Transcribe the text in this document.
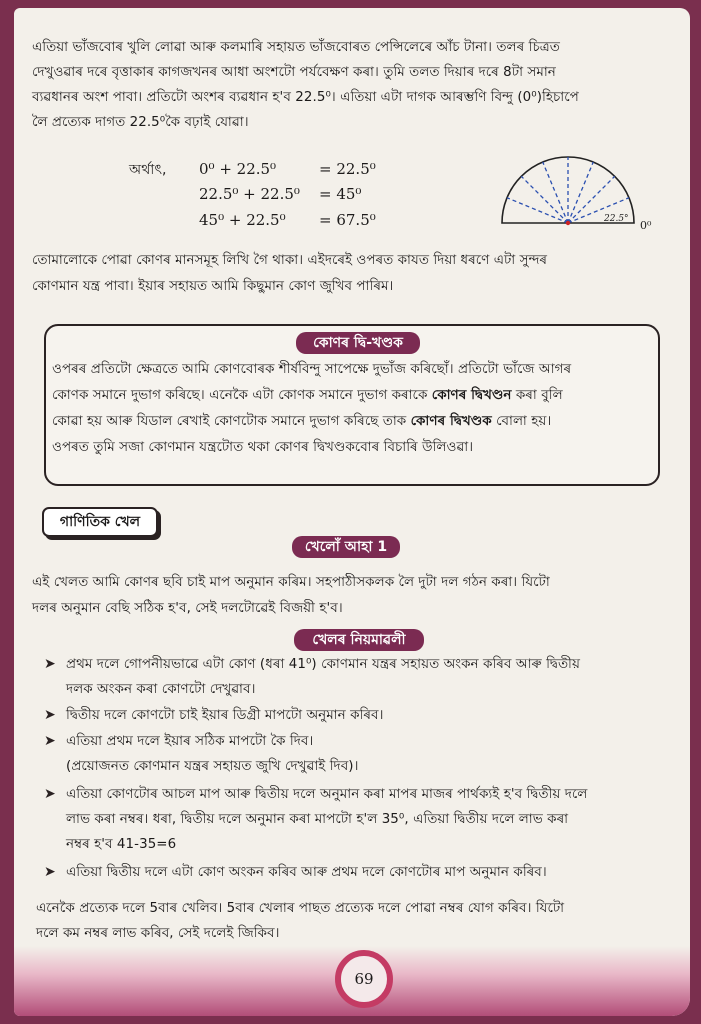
এতিয়া ভাঁজবোৰ খুলি লোৱা আৰু কলমাৰি সহায়ত ভাঁজবোৰত পেন্সিলেৰে আঁচ টানা। তলৰ চিত্ৰত
দেখুওৱাৰ দৰে বৃত্তাকাৰ কাগজখনৰ আধা অংশটো পৰ্যবেক্ষণ কৰা। তুমি তলত দিয়াৰ দৰে 8টা সমান
ব্যৱধানৰ অংশ পাবা। প্ৰতিটো অংশৰ ব্যৱধান হ'ব 22.5⁰। এতিয়া এটা দাগক আৰম্ভণি বিন্দু (0⁰)হিচাপে
লৈ প্ৰত্যেক দাগত 22.5⁰কৈ বঢ়াই যোৱা।
অৰ্থাৎ, 0⁰ + 22.5⁰	= 22.5⁰
22.5⁰ + 22.5⁰ = 45⁰
45⁰ + 22.5⁰ = 67.5⁰	22.5° 0⁰
তোমালোকে পোৱা কোণৰ মানসমূহ লিখি গৈ থাকা। এইদৰেই ওপৰত কাযত দিয়া ধৰণে এটা সুন্দৰ
কোণমান যন্ত্ৰ পাবা। ইয়াৰ সহায়ত আমি কিছুমান কোণ জুখিব পাৰিম।
কোণৰ দ্বি-খণ্ডক
ওপৰৰ প্ৰতিটো ক্ষেত্ৰতে আমি কোণবোৰক শীৰ্ষবিন্দু সাপেক্ষে দুভাঁজ কৰিছোঁ। প্ৰতিটো ভাঁজে আগৰ
কোণক সমানে দুভাগ কৰিছে। এনেকৈ এটা কোণক সমানে দুভাগ কৰাকে কোণৰ দ্বিখণ্ডন কৰা বুলি
কোৱা হয় আৰু যিডাল ৰেখাই কোণটোক সমানে দুভাগ কৰিছে তাক কোণৰ দ্বিখণ্ডক বোলা হয়।
ওপৰত তুমি সজা কোণমান যন্ত্ৰটোত থকা কোণৰ দ্বিখণ্ডকবোৰ বিচাৰি উলিওৱা।
গাণিতিক খেল
খেলোঁ আহা 1
এই খেলত আমি কোণৰ ছবি চাই মাপ অনুমান কৰিম। সহপাঠীসকলক লৈ দুটা দল গঠন কৰা। যিটো
দলৰ অনুমান বেছি সঠিক হ'ব, সেই দলটোৱেই বিজয়ী হ'ব।
খেলৰ নিয়মাৱলী
➤ প্ৰথম দলে গোপনীয়ভাৱে এটা কোণ (ধৰা 41⁰) কোণমান যন্ত্ৰৰ সহায়ত অংকন কৰিব আৰু দ্বিতীয়
দলক অংকন কৰা কোণটো দেখুৱাব।
➤ দ্বিতীয় দলে কোণটো চাই ইয়াৰ ডিগ্ৰী মাপটো অনুমান কৰিব।
➤ এতিয়া প্ৰথম দলে ইয়াৰ সঠিক মাপটো কৈ দিব।
(প্ৰয়োজনত কোণমান যন্ত্ৰৰ সহায়ত জুখি দেখুৱাই দিব)।
➤ এতিয়া কোণটোৰ আচল মাপ আৰু দ্বিতীয় দলে অনুমান কৰা মাপৰ মাজৰ পাৰ্থক্যই হ'ব দ্বিতীয় দলে
লাভ কৰা নম্বৰ। ধৰা, দ্বিতীয় দলে অনুমান কৰা মাপটো হ'ল 35⁰, এতিয়া দ্বিতীয় দলে লাভ কৰা
নম্বৰ হ'ব 41-35=6
➤ এতিয়া দ্বিতীয় দলে এটা কোণ অংকন কৰিব আৰু প্ৰথম দলে কোণটোৰ মাপ অনুমান কৰিব।
এনেকৈ প্ৰত্যেক দলে 5বাৰ খেলিব। 5বাৰ খেলাৰ পাছত প্ৰত্যেক দলে পোৱা নম্বৰ যোগ কৰিব। যিটো
দলে কম নম্বৰ লাভ কৰিব, সেই দলেই জিকিব।
69
